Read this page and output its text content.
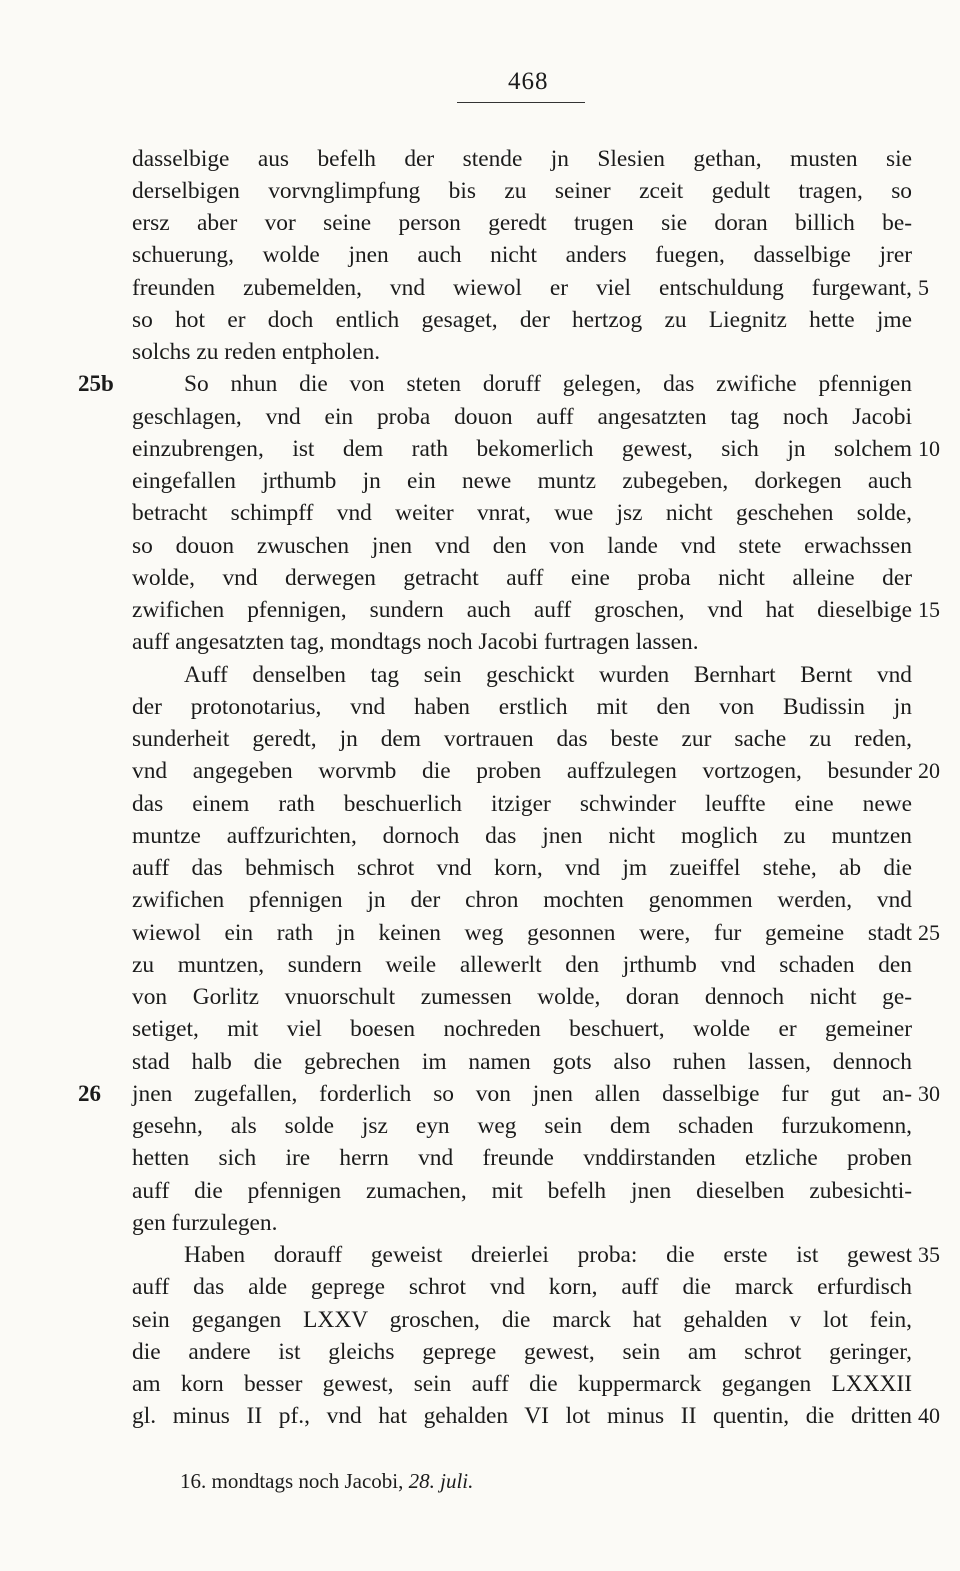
468
dasselbige aus befelh der stende jn Slesien gethan, musten sie
derselbigen vorvnglimpfung bis zu seiner zceit gedult tragen, so
ersz aber vor seine person geredt trugen sie doran billich be-
schuerung, wolde jnen auch nicht anders fuegen, dasselbige jrer
freunden zubemelden, vnd wiewol er viel entschuldung furgewant,
so hot er doch entlich gesaget, der hertzog zu Liegnitz hette jme
solchs zu reden entpholen.
So nhun die von steten doruff gelegen, das zwifiche pfennigen
geschlagen, vnd ein proba douon auff angesatzten tag noch Jacobi
einzubrengen, ist dem rath bekomerlich gewest, sich jn solchem
eingefallen jrthumb jn ein newe muntz zubegeben, dorkegen auch
betracht schimpff vnd weiter vnrat, wue jsz nicht geschehen solde,
so douon zwuschen jnen vnd den von lande vnd stete erwachssen
wolde, vnd derwegen getracht auff eine proba nicht alleine der
zwifichen pfennigen, sundern auch auff groschen, vnd hat dieselbige
auff angesatzten tag, mondtags noch Jacobi furtragen lassen.
Auff denselben tag sein geschickt wurden Bernhart Bernt vnd
der protonotarius, vnd haben erstlich mit den von Budissin jn
sunderheit geredt, jn dem vortrauen das beste zur sache zu reden,
vnd angegeben worvmb die proben auffzulegen vortzogen, besunder
das einem rath beschuerlich itziger schwinder leuffte eine newe
muntze auffzurichten, dornoch das jnen nicht moglich zu muntzen
auff das behmisch schrot vnd korn, vnd jm zueiffel stehe, ab die
zwifichen pfennigen jn der chron mochten genommen werden, vnd
wiewol ein rath jn keinen weg gesonnen were, fur gemeine stadt
zu muntzen, sundern weile allewerlt den jrthumb vnd schaden den
von Gorlitz vnuorschult zumessen wolde, doran dennoch nicht ge-
setiget, mit viel boesen nochreden beschuert, wolde er gemeiner
stad halb die gebrechen im namen gots also ruhen lassen, dennoch
jnen zugefallen, forderlich so von jnen allen dasselbige fur gut an-
gesehn, als solde jsz eyn weg sein dem schaden furzukomenn,
hetten sich ire herrn vnd freunde vnddirstanden etzliche proben
auff die pfennigen zumachen, mit befelh jnen dieselben zubesichti-
gen furzulegen.
Haben dorauff geweist dreierlei proba: die erste ist gewest
auff das alde geprege schrot vnd korn, auff die marck erfurdisch
sein gegangen LXXV groschen, die marck hat gehalden v lot fein,
die andere ist gleichs geprege gewest, sein am schrot geringer,
am korn besser gewest, sein auff die kuppermarck gegangen LXXXII
gl. minus II pf., vnd hat gehalden VI lot minus II quentin, die dritten
5
10
15
20
25
30
35
40
25b
26
16. mondtags noch Jacobi, 28. juli.
